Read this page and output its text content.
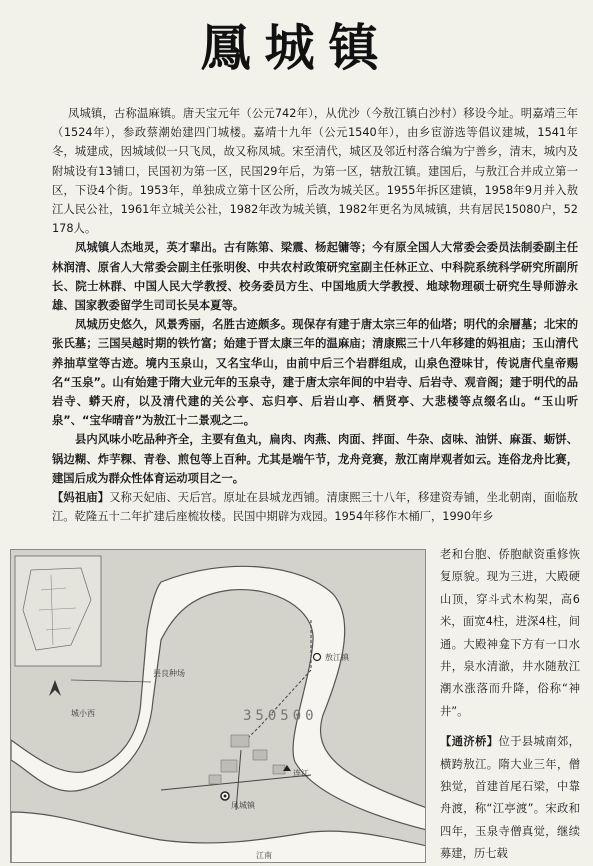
鳳城镇

凤城镇，古称温麻镇。唐天宝元年（公元742年），从优沙（今敖江镇白沙村）移设今址。明嘉靖三年（1524年），参政蔡潮始建四门城楼。嘉靖十九年（公元1540年），由乡宦游选等倡议建城，1541年冬，城建成，因城域似一只飞凤，故又称凤城。宋至清代，城区及邻近村落合编为宁善乡，清末，城内及附城设有13铺口，民国初为第一区，民国29年后，为第一区，辖敖江镇。建国后，与敖江合并成立第一区，下设4个街。1953年，单独成立第十区公所，后改为城关区。1955年拆区建镇，1958年9月并入敖江人民公社，1961年立城关公社，1982年改为城关镇，1982年更名为凤城镇，共有居民15080户，52178人。

凤城镇人杰地灵，英才辈出。古有陈第、梁震、杨起镛等；今有原全国人大常委会委员法制委副主任林润清、原省人大常委会副主任张明俊、中共农村政策研究室副主任林正立、中科院系统科学研究所副所长、院士林群、中国人民大学教授、校务委员方生、中国地质大学教授、地球物理硕士研究生导师游永雄、国家教委留学生司司长吴本夏等。

凤城历史悠久，风景秀丽，名胜古迹颇多。现保存有建于唐太宗三年的仙塔；明代的余層墓；北宋的张氏墓；三国吴越时期的铁竹富；始建于晋太康三年的温麻庙；清康熙三十八年移建的妈祖庙；玉山清代养抽草堂等古迹。境内玉泉山，又名宝华山，由前中后三个岩群组成，山泉色澄味甘，传说唐代皇帝赐名“玉泉”。山有始建于隋大业元年的玉泉寺，建于唐太宗年间的中岩寺、后岩寺、观音阁；建于明代的品岩寺、蟒天府，以及清代建的关公亭、忘归亭、后岩山亭、栖贤亭、大悲楼等点缀名山。“玉山听泉”、“宝华晴音”为敖江十二景观之二。

县内风味小吃品种齐全，主要有鱼丸，扁肉、肉燕、肉面、拌面、牛杂、卤味、油饼、麻蛋、蛎饼、锅边糊、炸芋粿、青卷、煎包等上百种。尤其是端午节，龙舟竞赛，敖江南岸观者如云。连俗龙舟比赛，建国后成为群众性体育运动项目之一。

【妈祖庙】又称天妃庙、天后宫。原址在县城龙西铺。清康熙三十八年，移建资寿铺，坐北朝南，面临敖江。乾隆五十二年扩建后座梳妆楼。民国中期辟为戏园。1954年移作木桶厂，1990年乡

县良种场
敖江镇
凤城镇
连江
江南
城小西	350500

老和台胞、侨胞献资重修恢复原貌。现为三进，大殿硬山顶，穿斗式木构架，高6米，面宽4柱，进深4柱，间通。大殿神龛下方有一口水井，泉水清澈，井水随敖江潮水涨落而升降，俗称“神井”。

【通济桥】位于县城南郊，横跨敖江。隋大业三年，僧独觉，首建首尾石梁，中靠舟渡，称“江亭渡”。宋政和四年，玉泉寺僧真觉，继续募建，历七载
